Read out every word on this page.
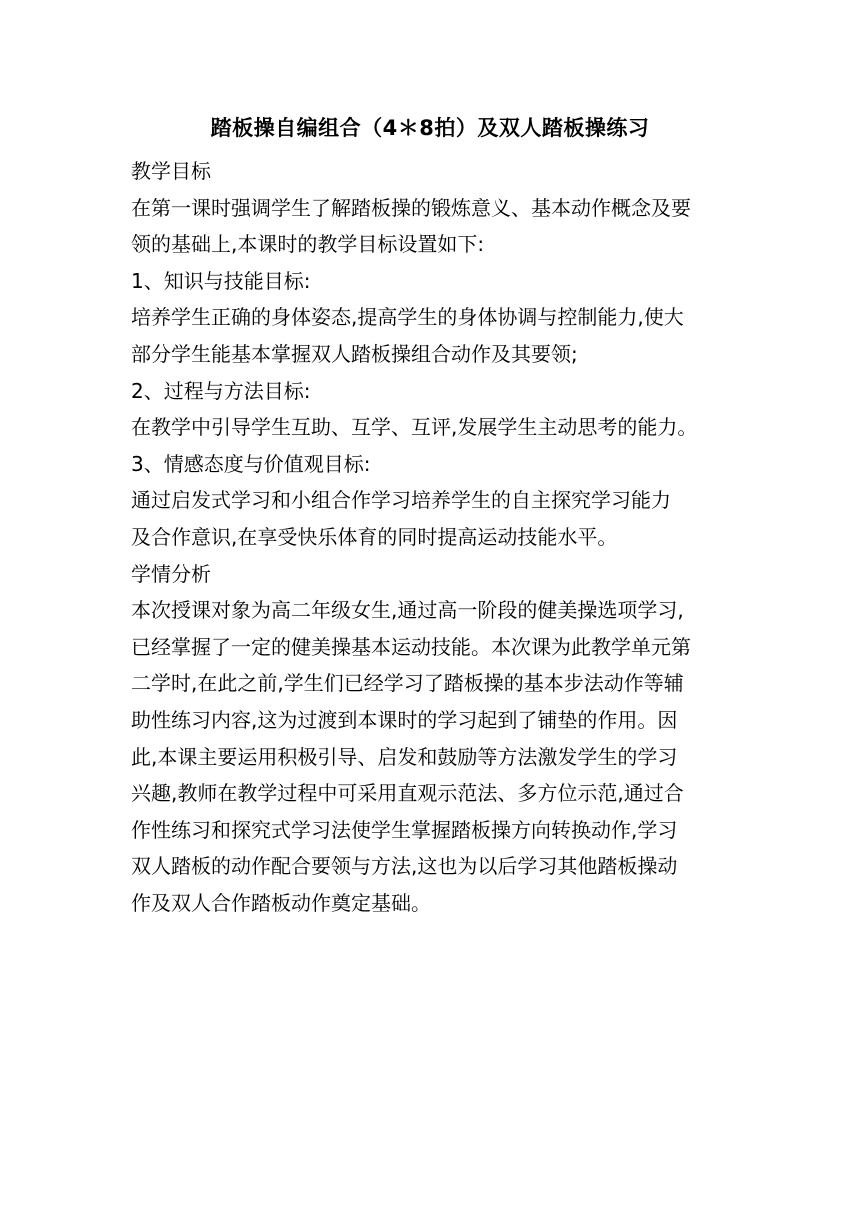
踏板操自编组合（4＊8拍）及双人踏板操练习
教学目标
在第一课时强调学生了解踏板操的锻炼意义、基本动作概念及要
领的基础上,本课时的教学目标设置如下:
1、知识与技能目标:
培养学生正确的身体姿态,提高学生的身体协调与控制能力,使大
部分学生能基本掌握双人踏板操组合动作及其要领;
2、过程与方法目标:
在教学中引导学生互助、互学、互评,发展学生主动思考的能力。
3、情感态度与价值观目标:
通过启发式学习和小组合作学习培养学生的自主探究学习能力
及合作意识,在享受快乐体育的同时提高运动技能水平。
学情分析
本次授课对象为高二年级女生,通过高一阶段的健美操选项学习,
已经掌握了一定的健美操基本运动技能。本次课为此教学单元第
二学时,在此之前,学生们已经学习了踏板操的基本步法动作等辅
助性练习内容,这为过渡到本课时的学习起到了铺垫的作用。因
此,本课主要运用积极引导、启发和鼓励等方法激发学生的学习
兴趣,教师在教学过程中可采用直观示范法、多方位示范,通过合
作性练习和探究式学习法使学生掌握踏板操方向转换动作,学习
双人踏板的动作配合要领与方法,这也为以后学习其他踏板操动
作及双人合作踏板动作奠定基础。
